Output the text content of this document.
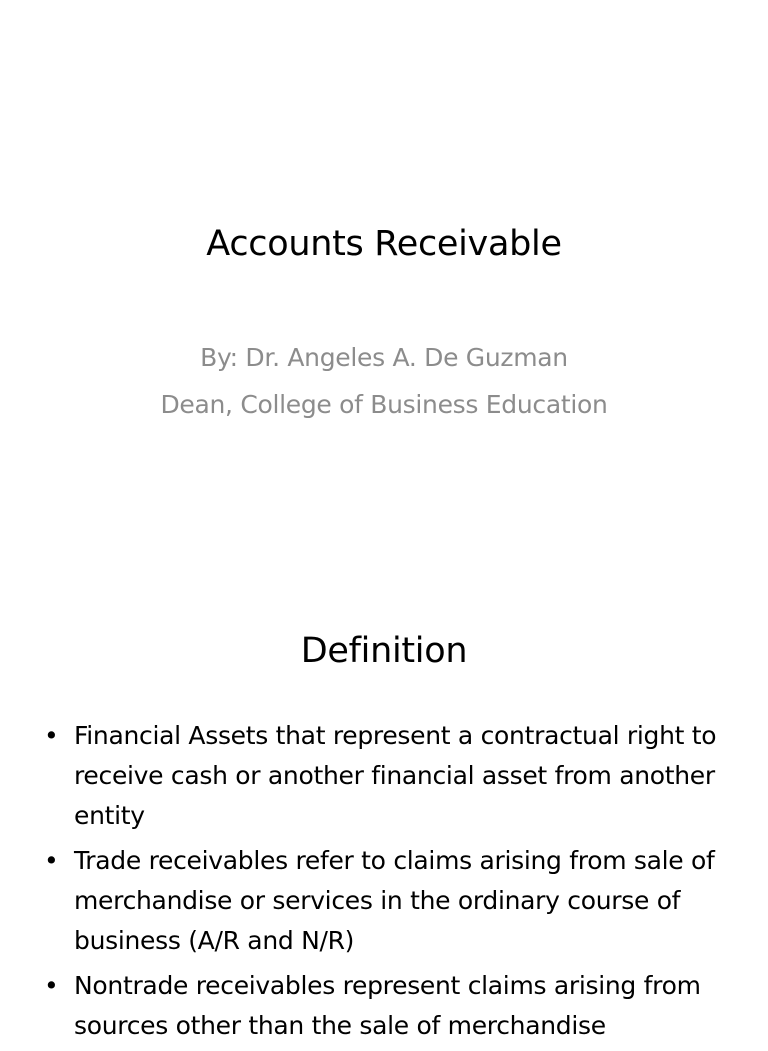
Accounts Receivable
By: Dr. Angeles A. De Guzman
Dean, College of Business Education
Definition
• Financial Assets that represent a contractual right to receive cash or another financial asset from another entity
• Trade receivables refer to claims arising from sale of merchandise or services in the ordinary course of business (A/R and N/R)
• Nontrade receivables represent claims arising from sources other than the sale of merchandise
